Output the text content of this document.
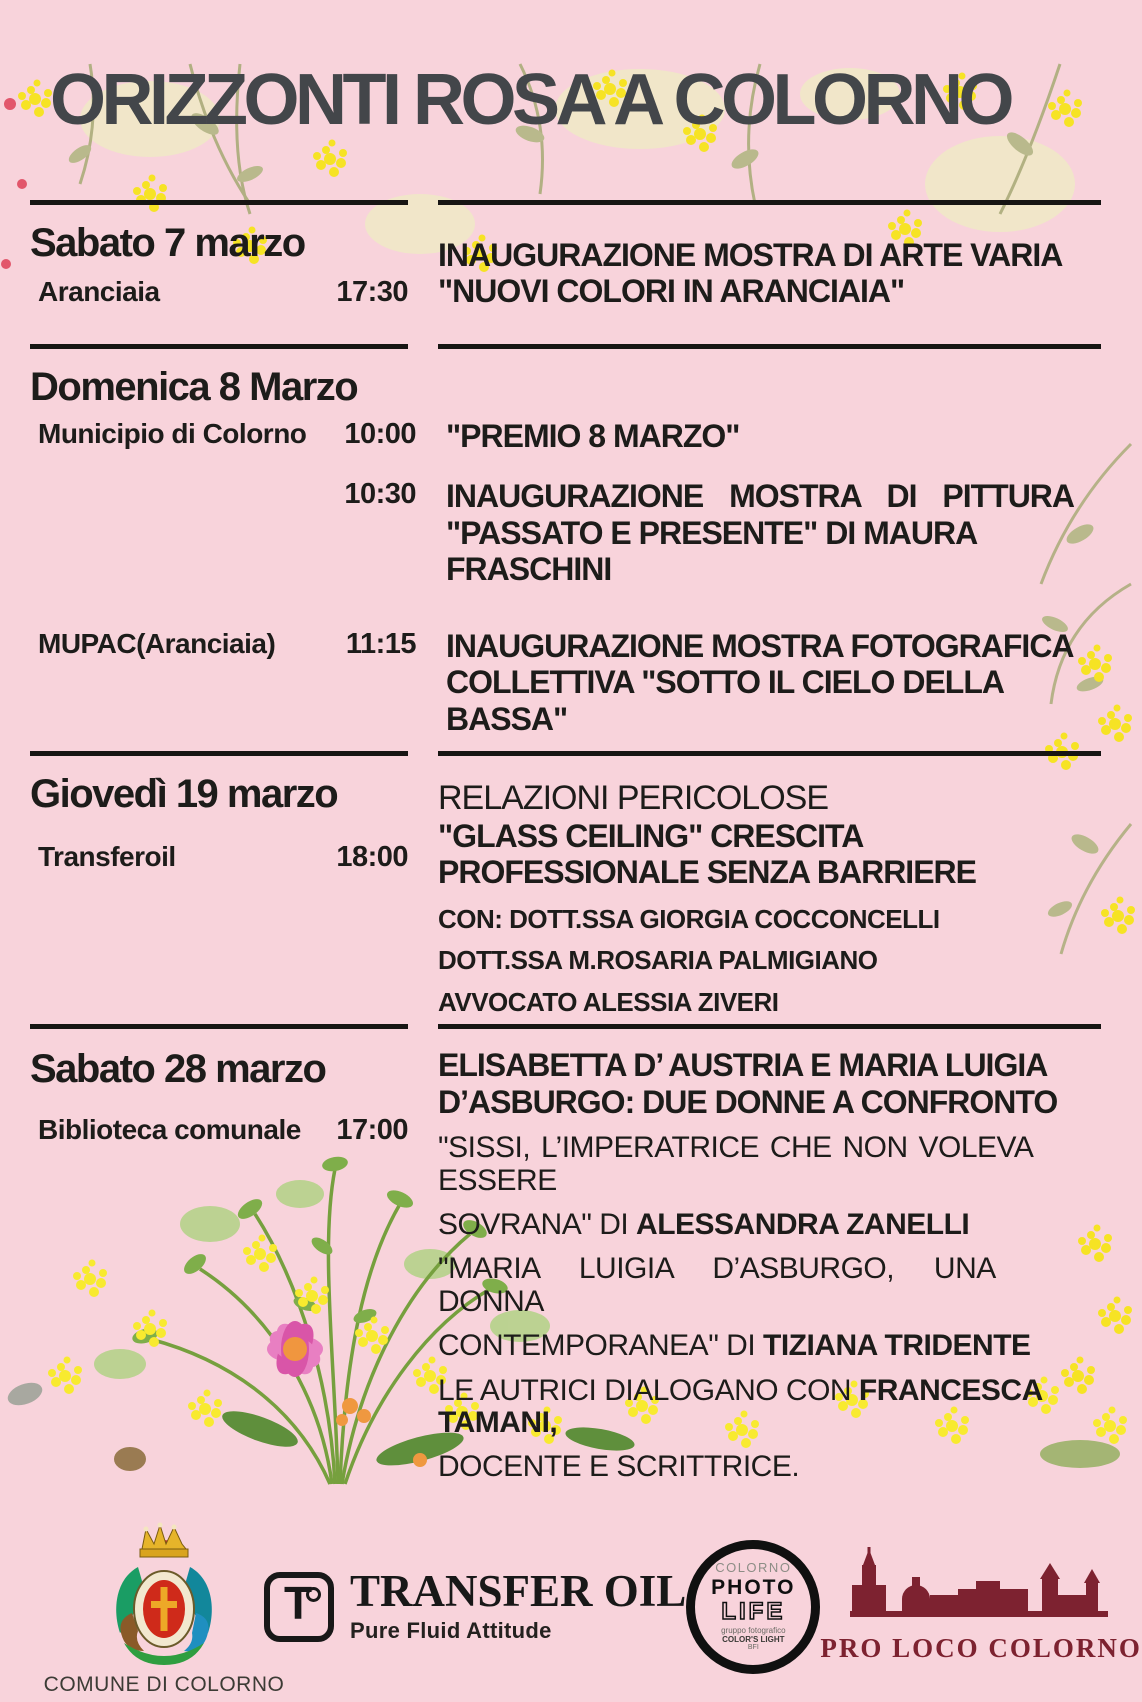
ORIZZONTI ROSA A COLORNO
Sabato 7 marzo
Aranciaia	17:30
INAUGURAZIONE MOSTRA DI ARTE VARIA
"NUOVI COLORI IN ARANCIAIA"
Domenica 8 Marzo
Municipio di Colorno 10:00 "PREMIO 8 MARZO"
10:30 INAUGURAZIONE MOSTRA DI PITTURA
"PASSATO E PRESENTE" DI MAURA FRASCHINI
MUPAC(Aranciaia) 11:15 INAUGURAZIONE MOSTRA FOTOGRAFICA
COLLETTIVA "SOTTO IL CIELO DELLA
BASSA"
Giovedì 19 marzo
Transferoil	18:00
RELAZIONI PERICOLOSE
"GLASS CEILING" CRESCITA
PROFESSIONALE SENZA BARRIERE
CON: DOTT.SSA GIORGIA COCCONCELLI
DOTT.SSA M.ROSARIA PALMIGIANO
AVVOCATO ALESSIA ZIVERI
Sabato 28 marzo
Biblioteca comunale 17:00
ELISABETTA D’ AUSTRIA E MARIA LUIGIA
D’ASBURGO: DUE DONNE A CONFRONTO
"SISSI, L’IMPERATRICE CHE NON VOLEVA ESSERE
SOVRANA" DI ALESSANDRA ZANELLI
"MARIA LUIGIA D’ASBURGO, UNA DONNA
CONTEMPORANEA" DI TIZIANA TRIDENTE
LE AUTRICI DIALOGANO CON FRANCESCA TAMANI,
DOCENTE E SCRITTRICE.
COMUNE DI COLORNO
T TRANSFER OIL
Pure Fluid Attitude
COLORNO
PHOTO
LIFE
gruppo fotografico
COLOR'S LIGHT
BFI PRO LOCO COLORNO
